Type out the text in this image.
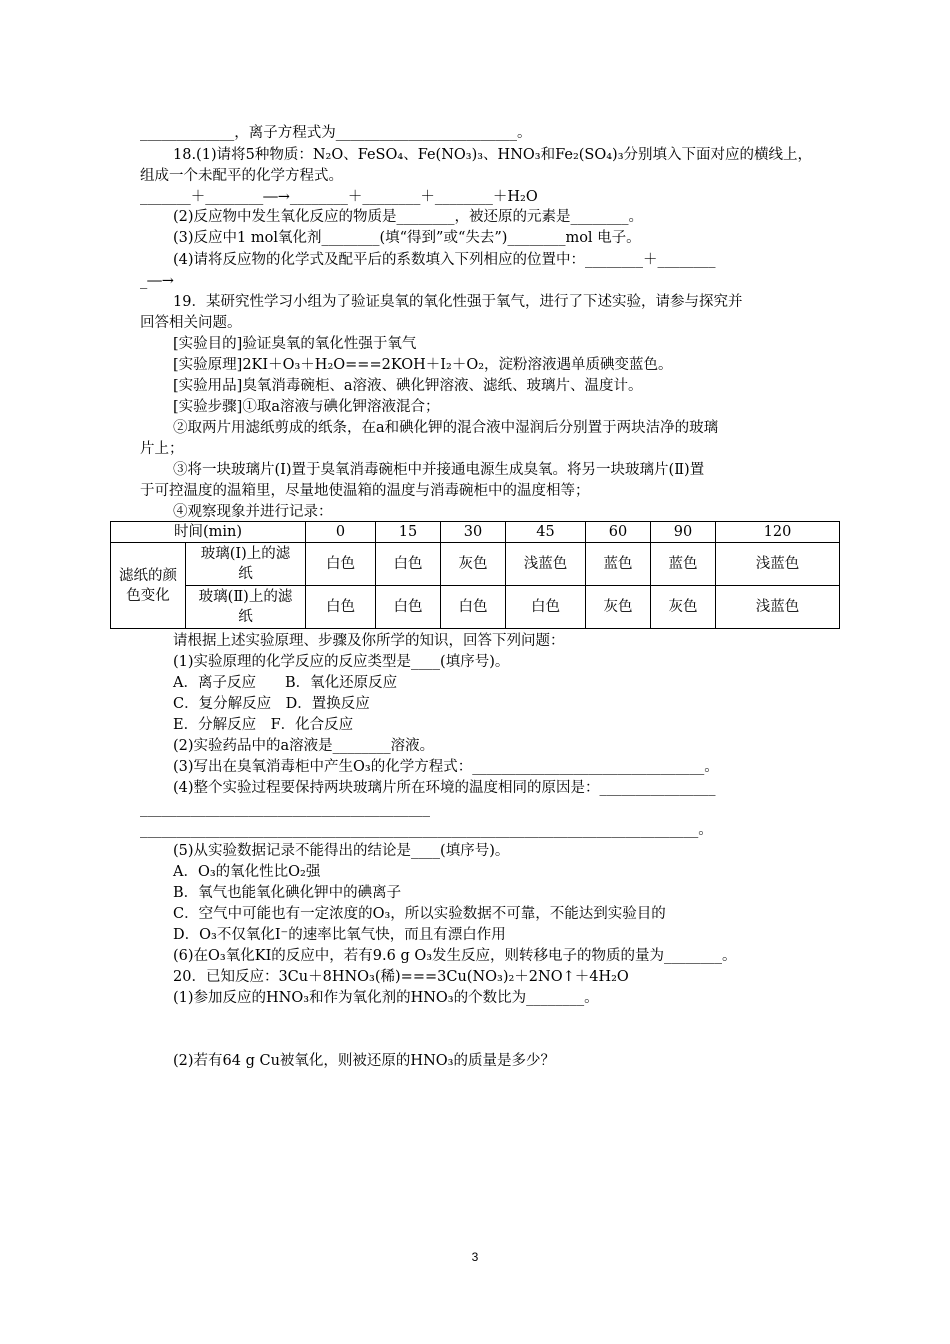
_____________，离子方程式为_________________________。
18.(1)请将5种物质：N₂O、FeSO₄、Fe(NO₃)₃、HNO₃和Fe₂(SO₄)₃分别填入下面对应的横线上，
组成一个未配平的化学方程式。
_______＋________―→________＋________＋________＋H₂O
(2)反应物中发生氧化反应的物质是________，被还原的元素是________。
(3)反应中1 mol氧化剂________(填“得到”或“失去”)________mol 电子。
(4)请将反应物的化学式及配平后的系数填入下列相应的位置中：________＋________
_―→
19．某研究性学习小组为了验证臭氧的氧化性强于氧气，进行了下述实验，请参与探究并
回答相关问题。
[实验目的]验证臭氧的氧化性强于氧气
[实验原理]2KI＋O₃＋H₂O===2KOH＋I₂＋O₂，淀粉溶液遇单质碘变蓝色。
[实验用品]臭氧消毒碗柜、a溶液、碘化钾溶液、滤纸、玻璃片、温度计。
[实验步骤]①取a溶液与碘化钾溶液混合；
②取两片用滤纸剪成的纸条，在a和碘化钾的混合液中湿润后分别置于两块洁净的玻璃
片上；
③将一块玻璃片(Ⅰ)置于臭氧消毒碗柜中并接通电源生成臭氧。将另一块玻璃片(Ⅱ)置
于可控温度的温箱里，尽量地使温箱的温度与消毒碗柜中的温度相等；
④观察现象并进行记录：
时间(min)		0	15	30	45	60	90	120
滤纸的颜色变化	玻璃(Ⅰ)上的滤纸	白色	白色	灰色	浅蓝色	蓝色	蓝色	浅蓝色
	玻璃(Ⅱ)上的滤纸	白色	白色	白色	白色	灰色	灰色	浅蓝色
请根据上述实验原理、步骤及你所学的知识，回答下列问题：
(1)实验原理的化学反应的反应类型是____(填序号)。
A．离子反应　　B．氧化还原反应
C．复分解反应　D．置换反应
E．分解反应　F．化合反应
(2)实验药品中的a溶液是________溶液。
(3)写出在臭氧消毒柜中产生O₃的化学方程式：________________________________。
(4)整个实验过程要保持两块玻璃片所在环境的温度相同的原因是：________________
________________________________________
_____________________________________________________________________________。
(5)从实验数据记录不能得出的结论是____(填序号)。
A．O₃的氧化性比O₂强
B．氧气也能氧化碘化钾中的碘离子
C．空气中可能也有一定浓度的O₃，所以实验数据不可靠，不能达到实验目的
D．O₃不仅氧化I⁻的速率比氧气快，而且有漂白作用
(6)在O₃氧化KI的反应中，若有9.6 g O₃发生反应，则转移电子的物质的量为________。
20．已知反应：3Cu＋8HNO₃(稀)===3Cu(NO₃)₂＋2NO↑＋4H₂O
(1)参加反应的HNO₃和作为氧化剂的HNO₃的个数比为________。
(2)若有64 g Cu被氧化，则被还原的HNO₃的质量是多少？
3
